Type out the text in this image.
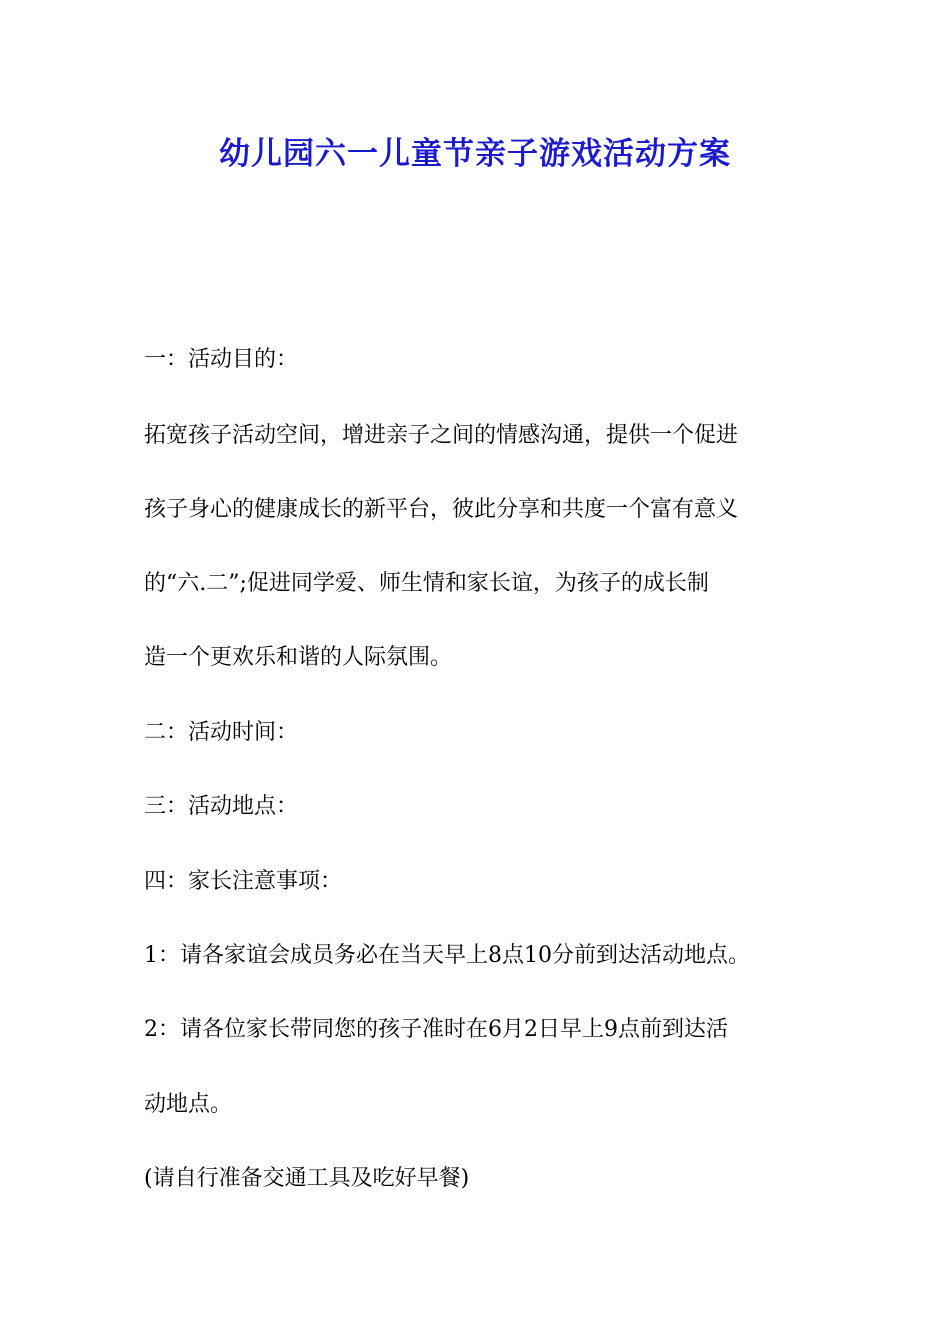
幼儿园六一儿童节亲子游戏活动方案
一：活动目的：
拓宽孩子活动空间，增进亲子之间的情感沟通，提供一个促进
孩子身心的健康成长的新平台，彼此分享和共度一个富有意义
的“六.二”;促进同学爱、师生情和家长谊，为孩子的成长制
造一个更欢乐和谐的人际氛围。
二：活动时间：
三：活动地点：
四：家长注意事项：
1：请各家谊会成员务必在当天早上8点10分前到达活动地点。
2：请各位家长带同您的孩子准时在6月2日早上9点前到达活
动地点。
(请自行准备交通工具及吃好早餐)
